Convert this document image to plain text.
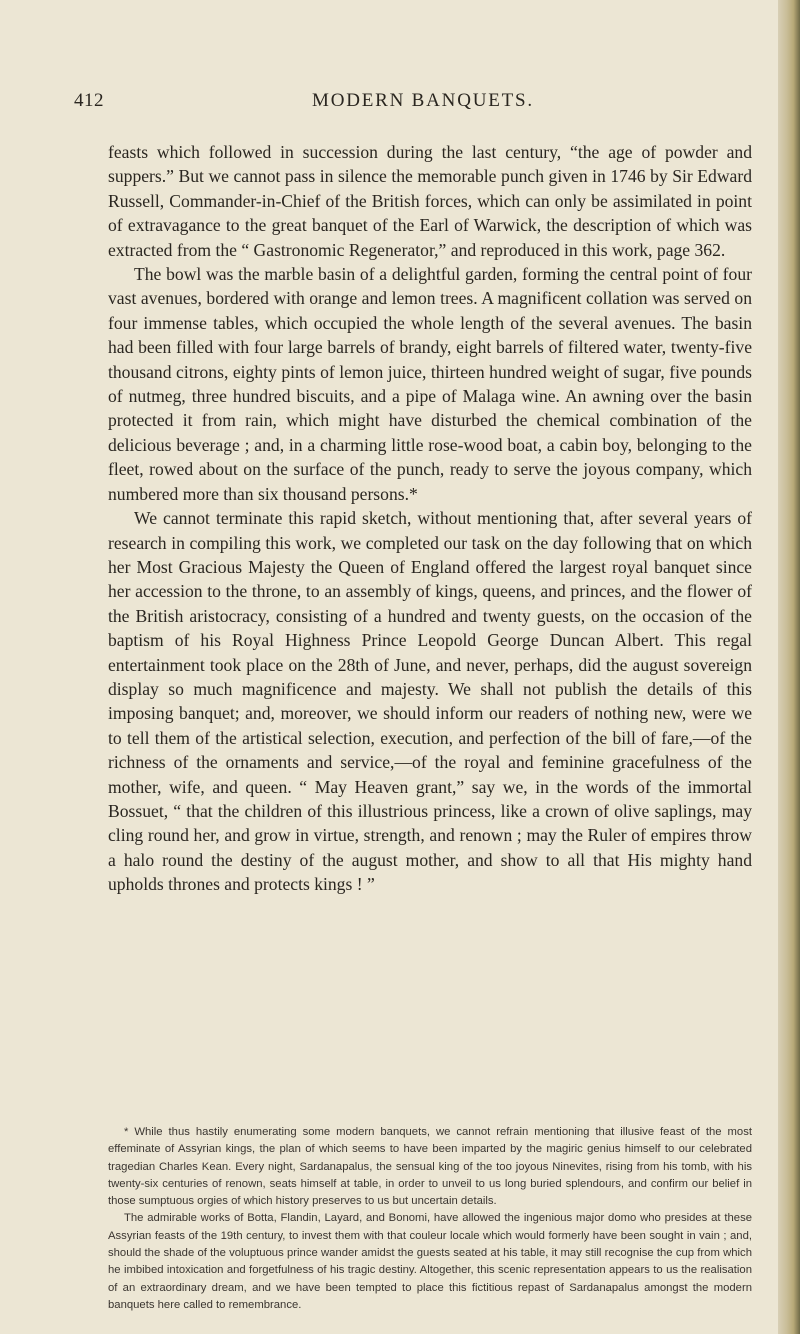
412	MODERN BANQUETS.

feasts which followed in succession during the last century, “the age of powder and suppers.” But we cannot pass in silence the memorable punch given in 1746 by Sir Edward Russell, Commander-in-Chief of the British forces, which can only be assimilated in point of extravagance to the great banquet of the Earl of Warwick, the description of which was extracted from the “ Gastronomic Regenerator,” and reproduced in this work, page 362.

The bowl was the marble basin of a delightful garden, forming the central point of four vast avenues, bordered with orange and lemon trees. A magnificent collation was served on four immense tables, which occupied the whole length of the several avenues. The basin had been filled with four large barrels of brandy, eight barrels of filtered water, twenty-five thousand citrons, eighty pints of lemon juice, thirteen hundred weight of sugar, five pounds of nutmeg, three hundred biscuits, and a pipe of Malaga wine. An awning over the basin protected it from rain, which might have disturbed the chemical combination of the delicious beverage ; and, in a charming little rose-wood boat, a cabin boy, belonging to the fleet, rowed about on the surface of the punch, ready to serve the joyous company, which numbered more than six thousand persons.*

We cannot terminate this rapid sketch, without mentioning that, after several years of research in compiling this work, we completed our task on the day following that on which her Most Gracious Majesty the Queen of England offered the largest royal banquet since her accession to the throne, to an assembly of kings, queens, and princes, and the flower of the British aristocracy, consisting of a hundred and twenty guests, on the occasion of the baptism of his Royal Highness Prince Leopold George Duncan Albert. This regal entertainment took place on the 28th of June, and never, perhaps, did the august sovereign display so much magnificence and majesty. We shall not publish the details of this imposing banquet; and, moreover, we should inform our readers of nothing new, were we to tell them of the artistical selection, execution, and perfection of the bill of fare,—of the richness of the ornaments and service,—of the royal and feminine gracefulness of the mother, wife, and queen. “ May Heaven grant,” say we, in the words of the immortal Bossuet, “ that the children of this illustrious princess, like a crown of olive saplings, may cling round her, and grow in virtue, strength, and renown ; may the Ruler of empires throw a halo round the destiny of the august mother, and show to all that His mighty hand upholds thrones and protects kings ! ”

* While thus hastily enumerating some modern banquets, we cannot refrain mentioning that illusive feast of the most effeminate of Assyrian kings, the plan of which seems to have been imparted by the magiric genius himself to our celebrated tragedian Charles Kean. Every night, Sardanapalus, the sensual king of the too joyous Ninevites, rising from his tomb, with his twenty-six centuries of renown, seats himself at table, in order to unveil to us long buried splendours, and confirm our belief in those sumptuous orgies of which history preserves to us but uncertain details.

The admirable works of Botta, Flandin, Layard, and Bonomi, have allowed the ingenious major domo who presides at these Assyrian feasts of the 19th century, to invest them with that couleur locale which would formerly have been sought in vain ; and, should the shade of the voluptuous prince wander amidst the guests seated at his table, it may still recognise the cup from which he imbibed intoxication and forgetfulness of his tragic destiny. Altogether, this scenic representation appears to us the realisation of an extraordinary dream, and we have been tempted to place this fictitious repast of Sardanapalus amongst the modern banquets here called to remembrance.
